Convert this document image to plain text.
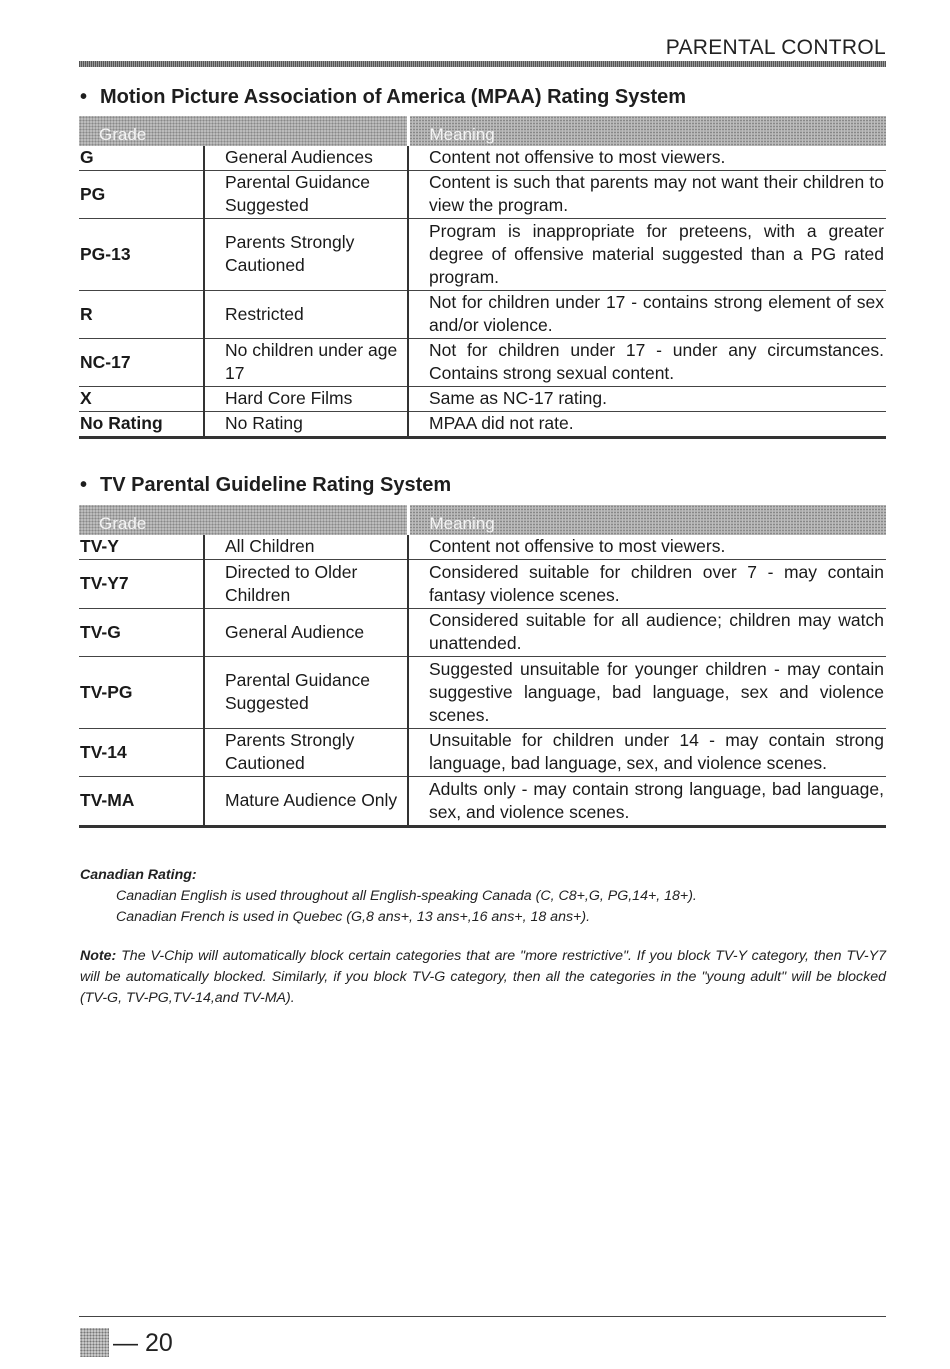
PARENTAL CONTROL
• Motion Picture Association of America (MPAA) Rating System
Grade		Meaning
G	General Audiences	Content not offensive to most viewers.
PG	Parental Guidance Suggested	Content is such that parents may not want their children to view the program.
PG-13	Parents Strongly Cautioned	Program is inappropriate for preteens, with a greater degree of offensive material suggested than a PG rated program.
R	Restricted	Not for children under 17 - contains strong element of sex and/or violence.
NC-17	No children under age 17	Not for children under 17 - under any circumstances. Contains strong sexual content.
X	Hard Core Films	Same as NC-17 rating.
No Rating	No Rating	MPAA did not rate.
• TV Parental Guideline Rating System
Grade		Meaning
TV-Y	All Children	Content not offensive to most viewers.
TV-Y7	Directed to Older Children	Considered suitable for children over 7 - may contain fantasy violence scenes.
TV-G	General Audience	Considered suitable for all audience; children may watch unattended.
TV-PG	Parental Guidance Suggested	Suggested unsuitable for younger children - may contain suggestive language, bad language, sex and violence scenes.
TV-14	Parents Strongly Cautioned	Unsuitable for children under 14 - may contain strong language, bad language, sex, and violence scenes.
TV-MA	Mature Audience Only	Adults only - may contain strong language, bad language, sex, and violence scenes.
Canadian Rating:
Canadian English is used throughout all English-speaking Canada (C, C8+,G, PG,14+, 18+).
Canadian French is used in Quebec (G,8 ans+, 13 ans+,16 ans+, 18 ans+).
Note: The V-Chip will automatically block certain categories that are "more restrictive". If you block TV-Y category, then TV-Y7 will be automatically blocked. Similarly, if you block TV-G category, then all the categories in the "young adult" will be blocked (TV-G, TV-PG,TV-14,and TV-MA).
— 20
